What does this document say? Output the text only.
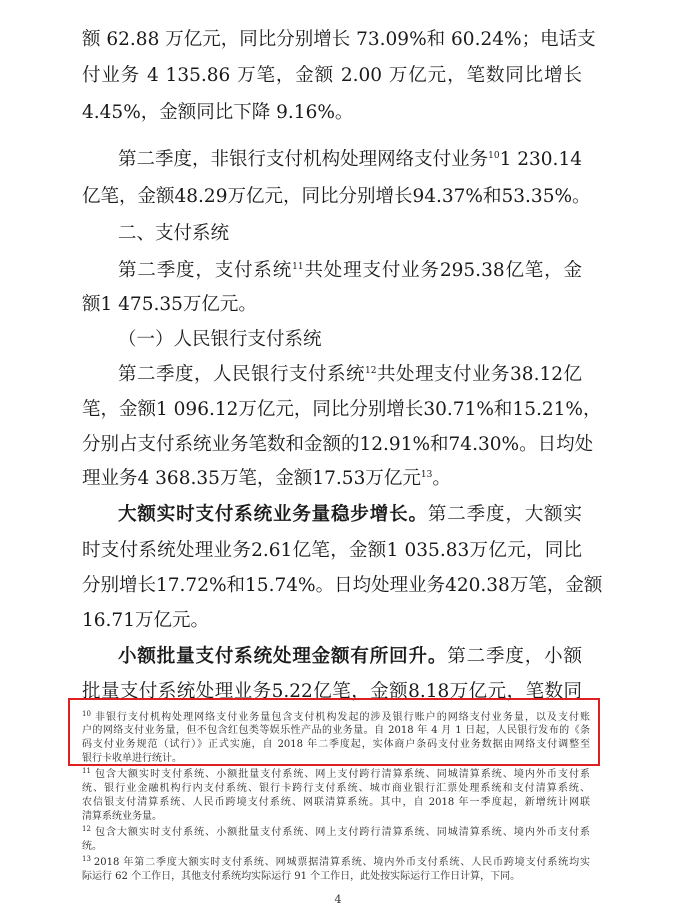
额 62.88 万亿元，同比分别增长 73.09%和 60.24%；电话支
付业务 4 135.86 万笔，金额 2.00 万亿元，笔数同比增长
4.45%，金额同比下降 9.16%。
第二季度，非银行支付机构处理网络支付业务$^{10}$1 230.14
亿笔，金额48.29万亿元，同比分别增长94.37%和53.35%。
二、支付系统
第二季度，支付系统$^{11}$共处理支付业务295.38亿笔，金
额1 475.35万亿元。
（一）人民银行支付系统
第二季度，人民银行支付系统$^{12}$共处理支付业务38.12亿
笔，金额1 096.12万亿元，同比分别增长30.71%和15.21%，
分别占支付系统业务笔数和金额的12.91%和74.30%。日均处
理业务4 368.35万笔，金额17.53万亿元$^{13}$。
大额实时支付系统业务量稳步增长。第二季度，大额实
时支付系统处理业务2.61亿笔，金额1 035.83万亿元，同比
分别增长17.72%和15.74%。日均处理业务420.38万笔，金额
16.71万亿元。
小额批量支付系统处理金额有所回升。第二季度，小额
批量支付系统处理业务5.22亿笔，金额8.18万亿元，笔数同
$^{10}$ 非银行支付机构处理网络支付业务量包含支付机构发起的涉及银行账户的网络支付业务量，以及支付账
户的网络支付业务量，但不包含红包类等娱乐性产品的业务量。自 2018 年 4 月 1 日起，人民银行发布的《条
码支付业务规范（试行）》正式实施，自 2018 年二季度起，实体商户条码支付业务数据由网络支付调整至
银行卡收单进行统计。
$^{11}$ 包含大额实时支付系统、小额批量支付系统、网上支付跨行清算系统、同城清算系统、境内外币支付系
统、银行业金融机构行内支付系统、银行卡跨行支付系统、城市商业银行汇票处理系统和支付清算系统、
农信银支付清算系统、人民币跨境支付系统、网联清算系统。其中，自 2018 年一季度起，新增统计网联
清算系统业务量。
$^{12}$ 包含大额实时支付系统、小额批量支付系统、网上支付跨行清算系统、同城清算系统、境内外币支付系
统。
$^{13}$ 2018 年第二季度大额实时支付系统、网城票据清算系统、境内外币支付系统、人民币跨境支付系统均实
际运行 62 个工作日，其他支付系统均实际运行 91 个工作日，此处按实际运行工作日计算，下同。
4
